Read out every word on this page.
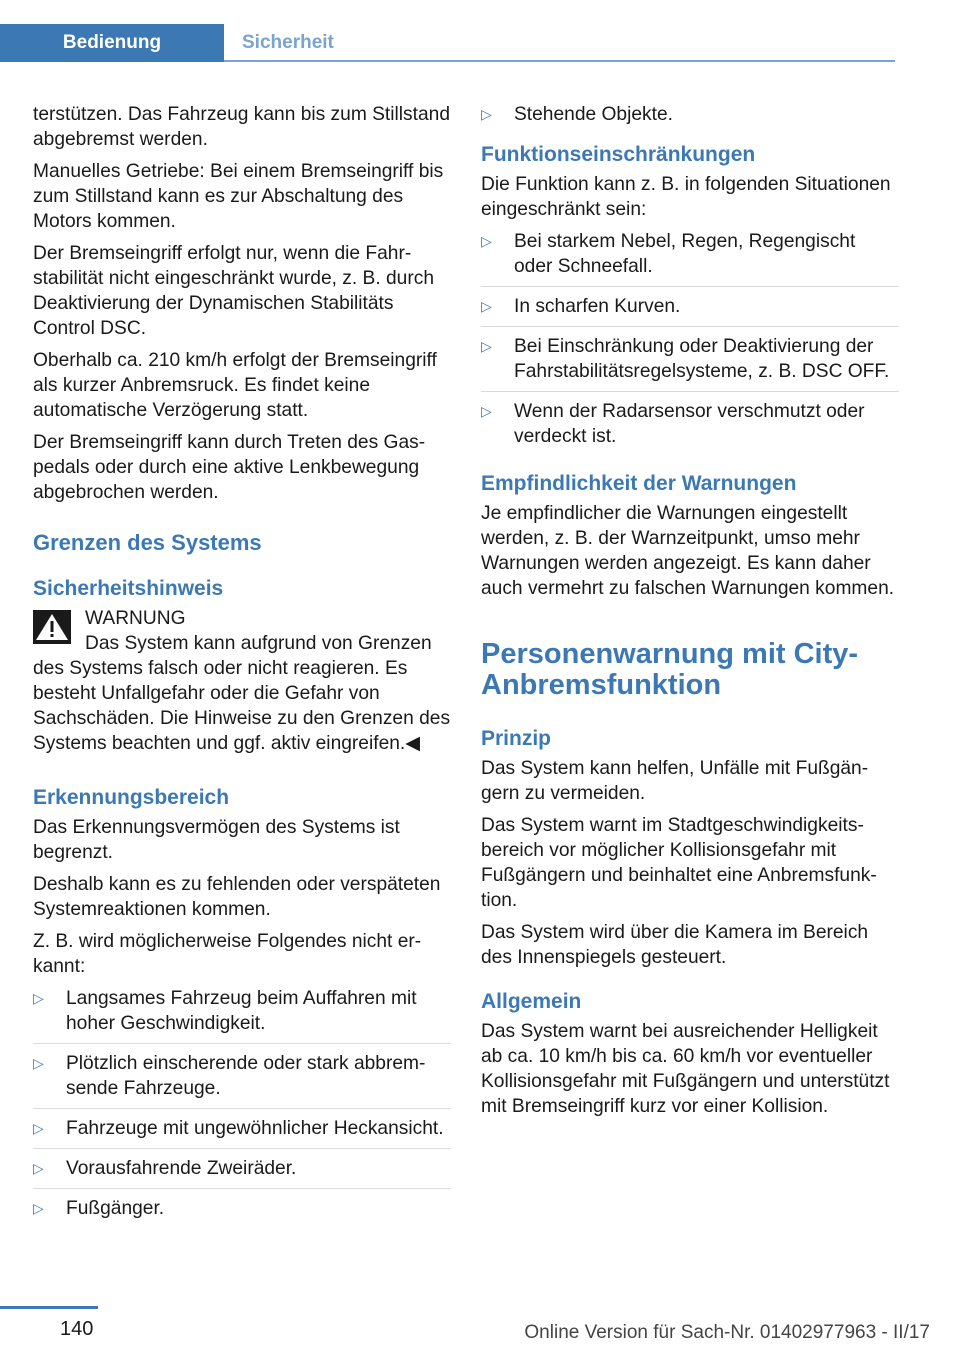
Bedienung	Sicherheit

terstützen. Das Fahrzeug kann bis zum Stillstand abgebremst werden.

Manuelles Getriebe: Bei einem Bremseingriff bis zum Stillstand kann es zur Abschaltung des Motors kommen.

Der Bremseingriff erfolgt nur, wenn die Fahrstabilität nicht eingeschränkt wurde, z. B. durch Deaktivierung der Dynamischen Stabilitäts Control DSC.

Oberhalb ca. 210 km/h erfolgt der Bremseingriff als kurzer Anbremsruck. Es findet keine automatische Verzögerung statt.

Der Bremseingriff kann durch Treten des Gaspedals oder durch eine aktive Lenkbewegung abgebrochen werden.

Grenzen des Systems
Sicherheitshinweis
WARNUNG
Das System kann aufgrund von Grenzen des Systems falsch oder nicht reagieren. Es besteht Unfallgefahr oder die Gefahr von Sachschäden. Die Hinweise zu den Grenzen des Systems beachten und ggf. aktiv eingreifen.◀
Erkennungsbereich

Das Erkennungsvermögen des Systems ist begrenzt.

Deshalb kann es zu fehlenden oder verspäteten Systemreaktionen kommen.

Z. B. wird möglicherweise Folgendes nicht erkannt:

▷ Langsames Fahrzeug beim Auffahren mit hoher Geschwindigkeit.
▷ Plötzlich einscherende oder stark abbremsende Fahrzeuge.
▷ Fahrzeuge mit ungewöhnlicher Heckansicht.
▷ Vorausfahrende Zweiräder.
▷ Fußgänger.
▷ Stehende Objekte.
Funktionseinschränkungen

Die Funktion kann z. B. in folgenden Situationen eingeschränkt sein:

▷ Bei starkem Nebel, Regen, Regengischt oder Schneefall.
▷ In scharfen Kurven.
▷ Bei Einschränkung oder Deaktivierung der Fahrstabilitätsregelsysteme, z. B. DSC OFF.
▷ Wenn der Radarsensor verschmutzt oder verdeckt ist.
Empfindlichkeit der Warnungen

Je empfindlicher die Warnungen eingestellt werden, z. B. der Warnzeitpunkt, umso mehr Warnungen werden angezeigt. Es kann daher auch vermehrt zu falschen Warnungen kommen.

Personenwarnung mit City-Anbremsfunktion
Prinzip

Das System kann helfen, Unfälle mit Fußgängern zu vermeiden.

Das System warnt im Stadtgeschwindigkeitsbereich vor möglicher Kollisionsgefahr mit Fußgängern und beinhaltet eine Anbremsfunktion.

Das System wird über die Kamera im Bereich des Innenspiegels gesteuert.

Allgemein

Das System warnt bei ausreichender Helligkeit ab ca. 10 km/h bis ca. 60 km/h vor eventueller Kollisionsgefahr mit Fußgängern und unterstützt mit Bremseingriff kurz vor einer Kollision.

140	Online Version für Sach-Nr. 01402977963 - II/17
